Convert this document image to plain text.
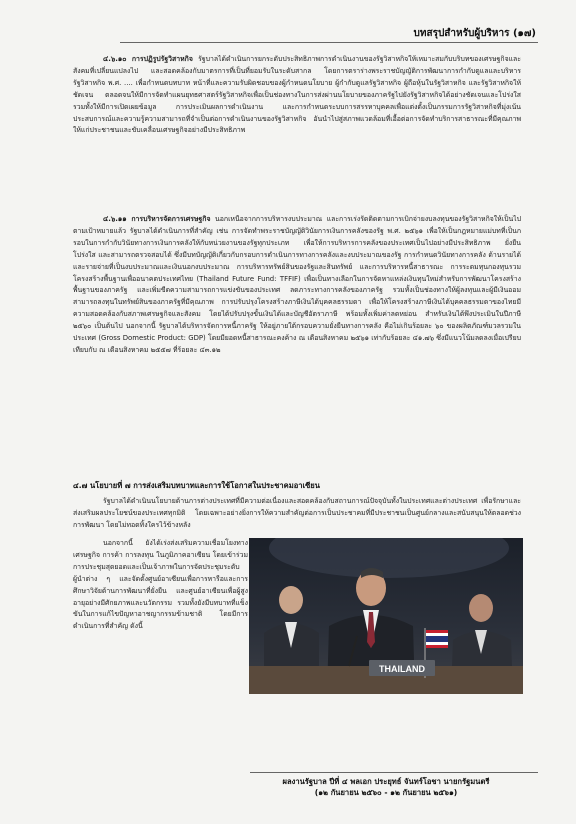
บทสรุปสำหรับผู้บริหาร (๑๗)
๔.๖.๑๐ การปฏิรูปรัฐวิสาหกิจ รัฐบาลได้ดำเนินการยกระดับประสิทธิภาพการดำเนินงานของรัฐวิสาหกิจให้เหมาะสมกับบริบทของเศรษฐกิจและสังคมที่เปลี่ยนแปลงไป และสอดคล้องกับมาตรการที่เป็นที่ยอมรับในระดับสากล โดยการตราร่างพระราชบัญญัติการพัฒนาการกำกับดูแลและบริหารรัฐวิสาหกิจ พ.ศ. .... เพื่อกำหนดบทบาท หน้าที่และความรับผิดชอบของผู้กำหนดนโยบาย ผู้กำกับดูแลรัฐวิสาหกิจ ผู้ถือหุ้นในรัฐวิสาหกิจ และรัฐวิสาหกิจให้ชัดเจน ตลอดจนให้มีการจัดทำแผนยุทธศาสตร์รัฐวิสาหกิจเพื่อเป็นช่องทางในการส่งผ่านนโยบายของภาครัฐไปยังรัฐวิสาหกิจได้อย่างชัดเจนและโปร่งใส รวมทั้งให้มีการเปิดเผยข้อมูล การประเมินผลการดำเนินงาน และการกำหนดระบบการสรรหาบุคคลเพื่อแต่งตั้งเป็นกรรมการรัฐวิสาหกิจที่มุ่งเน้นประสบการณ์และความรู้ความสามารถที่จำเป็นต่อการดำเนินงานของรัฐวิสาหกิจ อันนำไปสู่สภาพแวดล้อมที่เอื้อต่อการจัดทำบริการสาธารณะที่มีคุณภาพให้แก่ประชาชนและขับเคลื่อนเศรษฐกิจอย่างมีประสิทธิภาพ
๔.๖.๑๑ การบริหารจัดการเศรษฐกิจ นอกเหนือจากการบริหารงบประมาณ และการเร่งรัดติดตามการเบิกจ่ายงบลงทุนของรัฐวิสาหกิจให้เป็นไปตามเป้าหมายแล้ว รัฐบาลได้ดำเนินการที่สำคัญ เช่น การจัดทำพระราชบัญญัติวินัยการเงินการคลังของรัฐ พ.ศ. ๒๕๖๑ เพื่อให้เป็นกฎหมายแม่บทที่เป็นกรอบในการกำกับวินัยทางการเงินการคลังให้กับหน่วยงานของรัฐทุกประเภท เพื่อให้การบริหารการคลังของประเทศเป็นไปอย่างมีประสิทธิภาพ ยั่งยืน โปร่งใส และสามารถตรวจสอบได้ ซึ่งมีบทบัญญัติเกี่ยวกับกรอบการดำเนินการทางการคลังและงบประมาณของรัฐ การกำหนดวินัยทางการคลัง ด้านรายได้และรายจ่ายที่เป็นงบประมาณและเงินนอกงบประมาณ การบริหารทรัพย์สินของรัฐและสินทรัพย์ และการบริหารหนี้สาธารณะ การระดมทุนกองทุนรวมโครงสร้างพื้นฐานเพื่ออนาคตประเทศไทย (Thailand Future Fund: TFFIF) เพื่อเป็นทางเลือกในการจัดหาแหล่งเงินทุนใหม่สำหรับการพัฒนาโครงสร้างพื้นฐานของภาครัฐ และเพิ่มขีดความสามารถการแข่งขันของประเทศ ลดภาระทางการคลังของภาครัฐ รวมทั้งเป็นช่องทางให้ผู้ลงทุนและผู้มีเงินออมสามารถลงทุนในทรัพย์สินของภาครัฐที่มีคุณภาพ การปรับปรุงโครงสร้างภาษีเงินได้บุคคลธรรมดา เพื่อให้โครงสร้างภาษีเงินได้บุคคลธรรมดาของไทยมีความสอดคล้องกับสภาพเศรษฐกิจและสังคม โดยได้ปรับปรุงขั้นเงินได้และบัญชีอัตราภาษี พร้อมทั้งเพิ่มค่าลดหย่อน สำหรับเงินได้พึงประเมินในปีภาษี ๒๕๖๐ เป็นต้นไป นอกจากนี้ รัฐบาลได้บริหารจัดการหนี้ภาครัฐ ให้อยู่ภายใต้กรอบความยั่งยืนทางการคลัง คือไม่เกินร้อยละ ๖๐ ของผลิตภัณฑ์มวลรวมในประเทศ (Gross Domestic Product: GDP) โดยมียอดหนี้สาธารณะคงค้าง ณ เดือนสิงหาคม ๒๕๖๑ เท่ากับร้อยละ ๔๑.๗๖ ซึ่งมีแนวโน้มลดลงเมื่อเปรียบเทียบกับ ณ เดือนสิงหาคม ๒๕๕๗ ที่ร้อยละ ๔๓.๑๒
๔.๗ นโยบายที่ ๗ การส่งเสริมบทบาทและการใช้โอกาสในประชาคมอาเซียน
รัฐบาลได้ดำเนินนโยบายด้านการต่างประเทศที่มีความต่อเนื่องและสอดคล้องกับสถานการณ์ปัจจุบันทั้งในประเทศและต่างประเทศ เพื่อรักษาและส่งเสริมผลประโยชน์ของประเทศทุกมิติ โดยเฉพาะอย่างยิ่งการให้ความสำคัญต่อการเป็นประชาคมที่มีประชาชนเป็นศูนย์กลางและสนับสนุนให้ตลอดช่วงการพัฒนา โดยไม่ทอดทิ้งใครไว้ข้างหลัง
นอกจากนี้ ยังได้เร่งส่งเสริมความเชื่อมโยงทางเศรษฐกิจ การค้า การลงทุน ในภูมิภาคอาเซียน โดยเข้าร่วมการประชุมสุดยอดและเป็นเจ้าภาพในการจัดประชุมระดับผู้นำต่าง ๆ และจัดตั้งศูนย์อาเซียนเพื่อการหารือและการศึกษาวิจัยด้านการพัฒนาที่ยั่งยืน และศูนย์อาเซียนเพื่อผู้สูงอายุอย่างมีศักยภาพและนวัตกรรม รวมทั้งยังมีบทบาทที่แข็งขันในการแก้ไขปัญหาอาชญากรรมข้ามชาติ โดยมีการดำเนินการที่สำคัญ ดังนี้
THAILAND
ผลงานรัฐบาล ปีที่ ๔ พลเอก ประยุทธ์ จันทร์โอชา นายกรัฐมนตรี
(๑๒ กันยายน ๒๕๖๐ - ๑๒ กันยายน ๒๕๖๑)
